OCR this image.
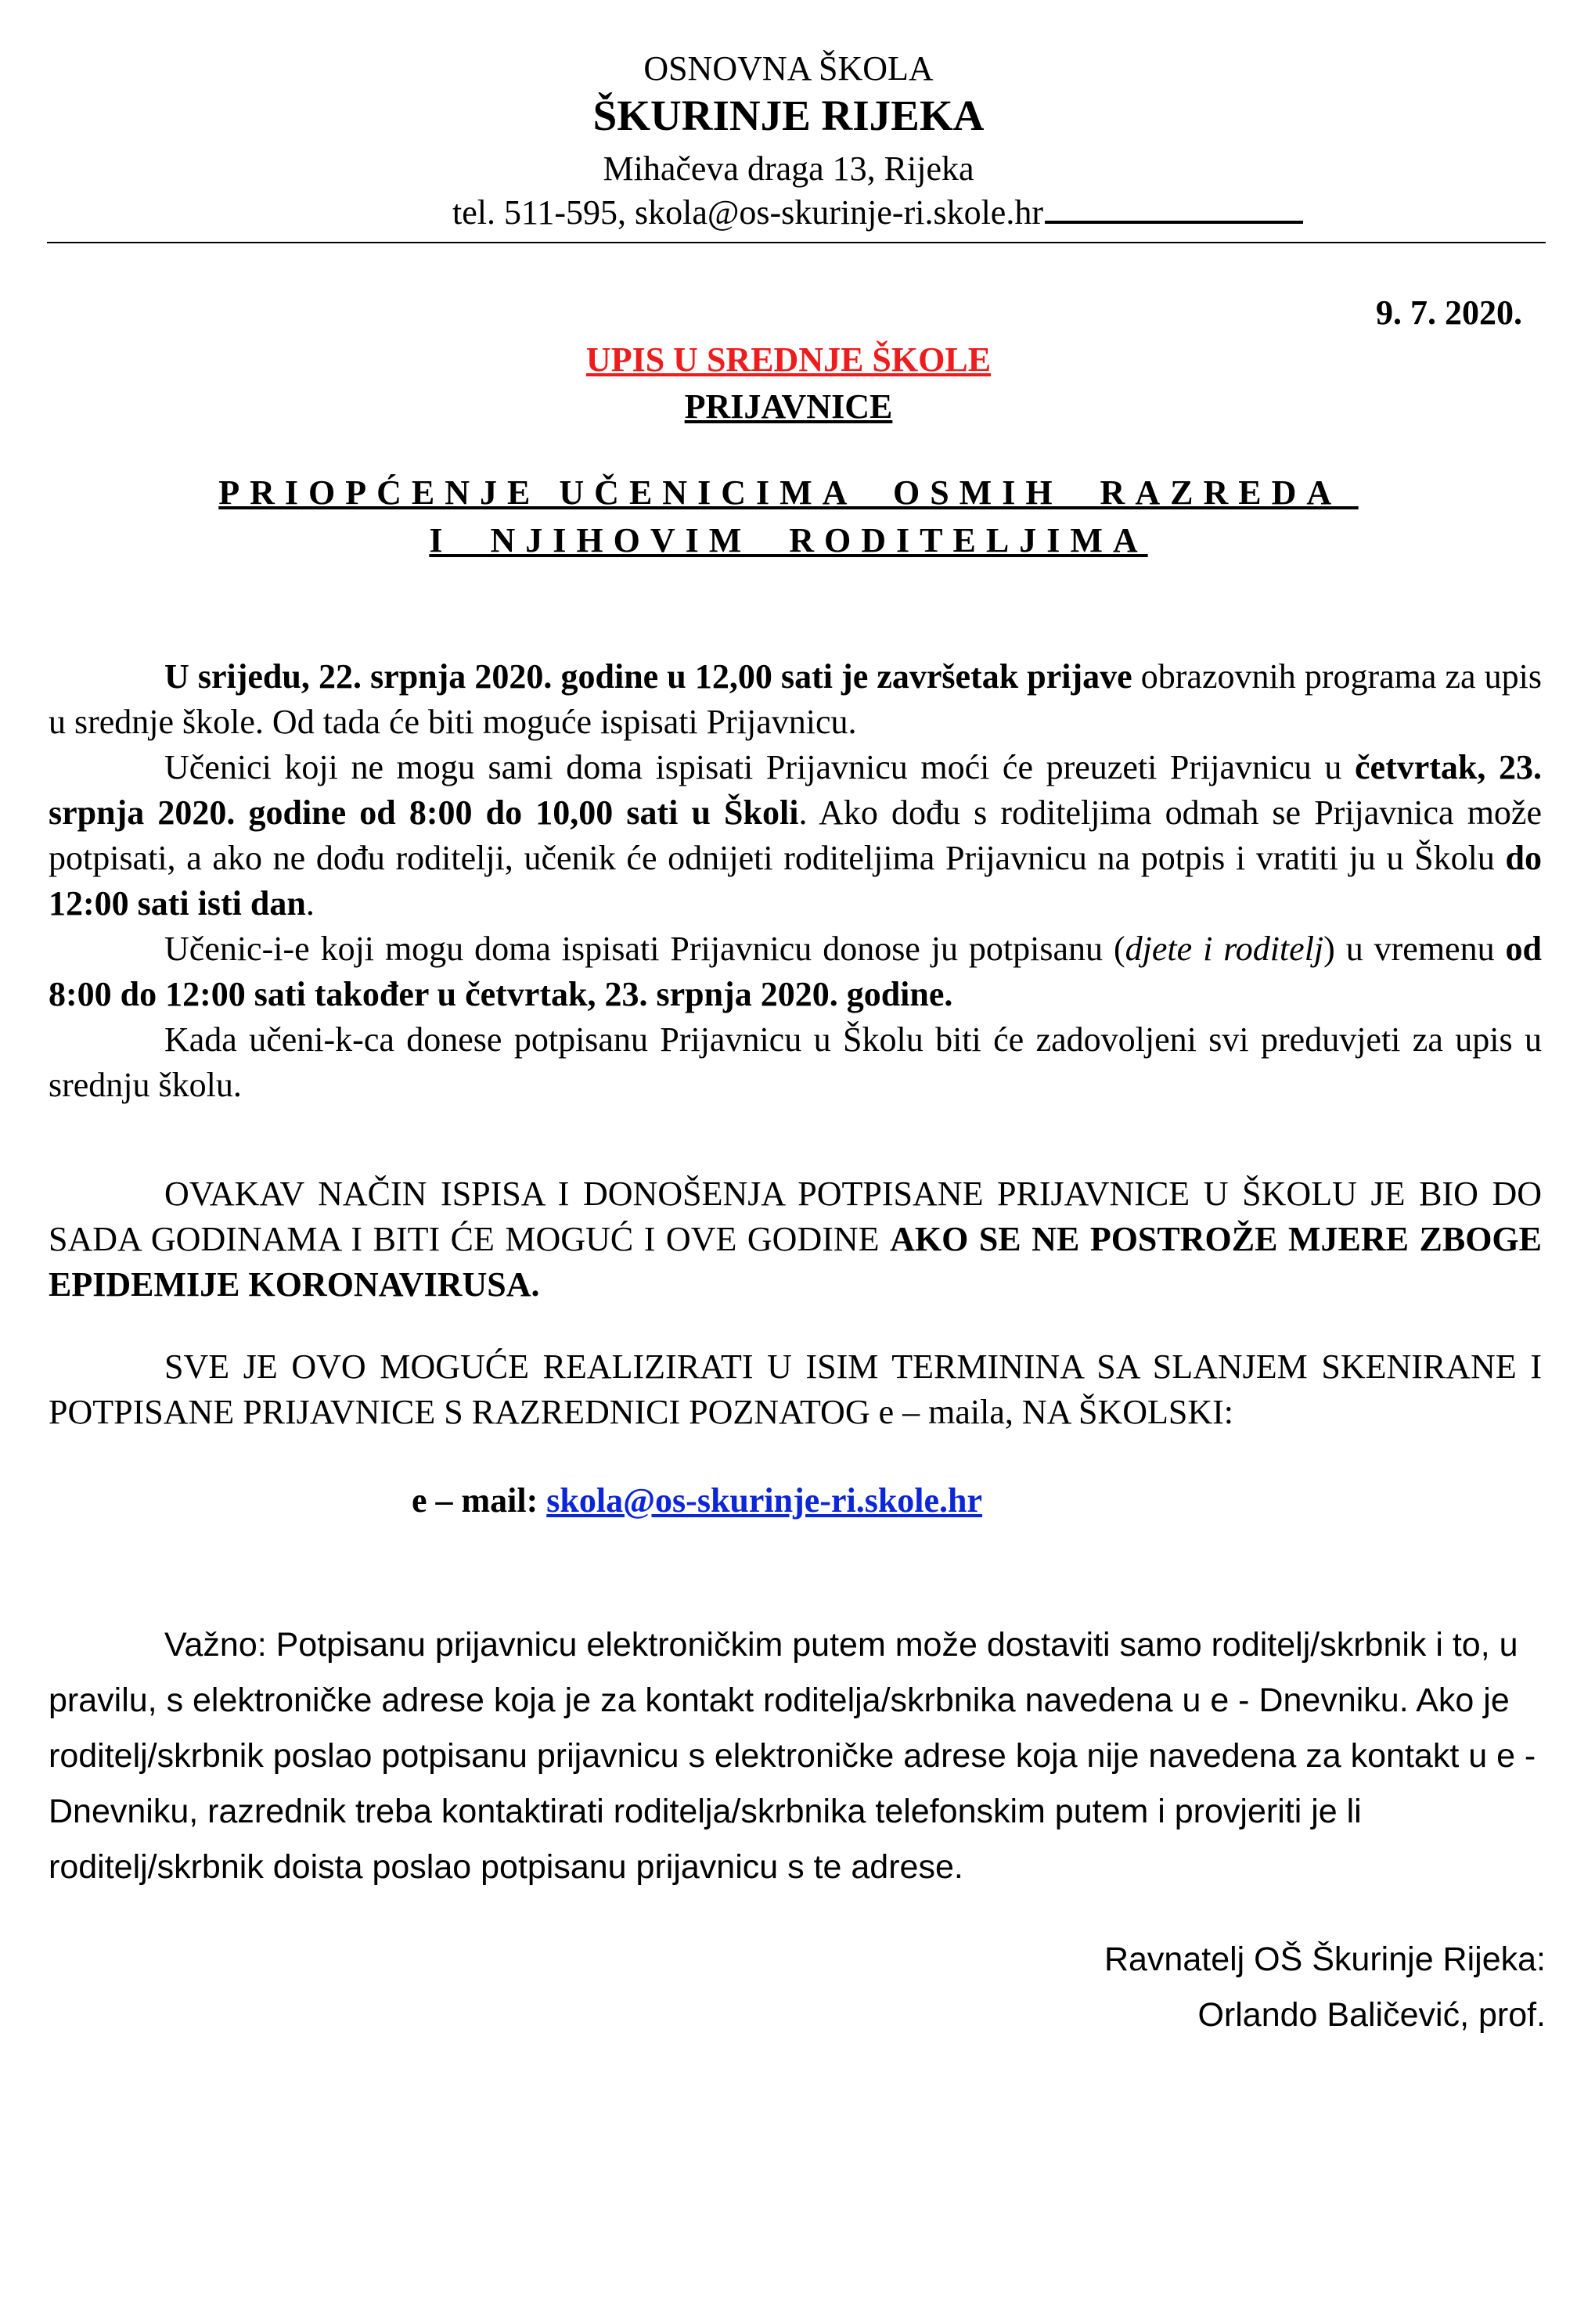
OSNOVNA ŠKOLA
ŠKURINJE RIJEKA
Mihačeva draga 13, Rijeka
tel. 511-595, skola@os-skurinje-ri.skole.hr
9. 7. 2020.
UPIS U SREDNJE ŠKOLE
PRIJAVNICE
PRIOPĆENJE UČENICIMA  OSMIH  RAZREDA
I  NJIHOVIM  RODITELJIMA

U srijedu, 22. srpnja 2020. godine u 12,00 sati je završetak prijave obrazovnih programa za upis u srednje škole. Od tada će biti moguće ispisati Prijavnicu.

Učenici koji ne mogu sami doma ispisati Prijavnicu moći će preuzeti Prijavnicu u četvrtak, 23. srpnja 2020. godine od 8:00 do 10,00 sati u Školi. Ako dođu s roditeljima odmah se Prijavnica može potpisati, a ako ne dođu roditelji, učenik će odnijeti roditeljima Prijavnicu na potpis i vratiti ju u Školu do 12:00 sati isti dan.

Učenic-i-e koji mogu doma ispisati Prijavnicu donose ju potpisanu (djete i roditelj) u vremenu od 8:00 do 12:00 sati također u četvrtak, 23. srpnja 2020. godine.

Kada učeni-k-ca donese potpisanu Prijavnicu u Školu biti će zadovoljeni svi preduvjeti za upis u srednju školu.

OVAKAV NAČIN ISPISA I DONOŠENJA POTPISANE PRIJAVNICE U ŠKOLU JE BIO DO SADA GODINAMA I BITI ĆE MOGUĆ I OVE GODINE AKO SE NE POSTROŽE MJERE ZBOGE EPIDEMIJE KORONAVIRUSA.

SVE JE OVO MOGUĆE REALIZIRATI U ISIM TERMININA SA SLANJEM SKENIRANE I POTPISANE PRIJAVNICE S RAZREDNICI POZNATOG e – maila, NA ŠKOLSKI:

e – mail: skola@os-skurinje-ri.skole.hr

Važno: Potpisanu prijavnicu elektroničkim putem može dostaviti samo roditelj/skrbnik i to, u pravilu, s elektroničke adrese koja je za kontakt roditelja/skrbnika navedena u e - Dnevniku. Ako je roditelj/skrbnik poslao potpisanu prijavnicu s elektroničke adrese koja nije navedena za kontakt u e - Dnevniku, razrednik treba kontaktirati roditelja/skrbnika telefonskim putem i provjeriti je li roditelj/skrbnik doista poslao potpisanu prijavnicu s te adrese.

Ravnatelj OŠ Škurinje Rijeka:
Orlando Baličević, prof.
